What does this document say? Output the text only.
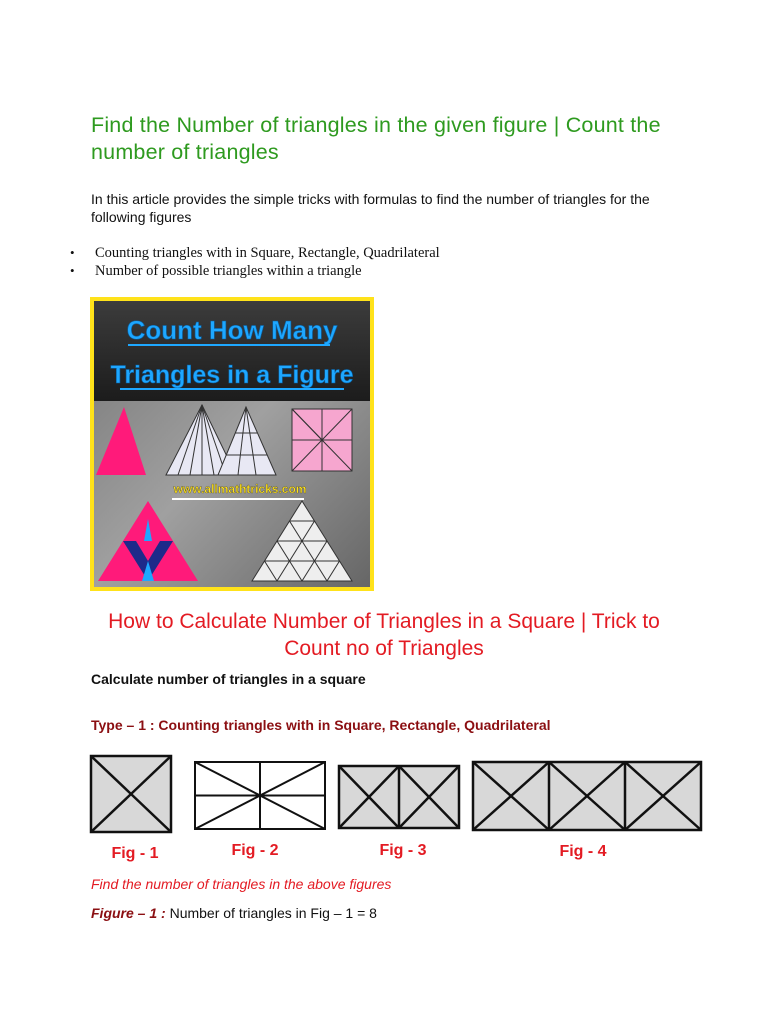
Find the Number of triangles in the given figure | Count the number of triangles
In this article provides the simple tricks with formulas to find the number of triangles for the following figures
• Counting triangles with in Square, Rectangle, Quadrilateral
• Number of possible triangles within a triangle
Count How Many
Triangles in a Figure
www.allmathtricks.com
How to Calculate Number of Triangles in a Square | Trick to Count no of Triangles
Calculate number of triangles in a square
Type – 1 : Counting triangles with in Square, Rectangle, Quadrilateral
Fig - 1	Fig - 2	Fig - 3	Fig - 4
Find the number of triangles in the above figures
Figure – 1 : Number of triangles in Fig – 1 = 8
